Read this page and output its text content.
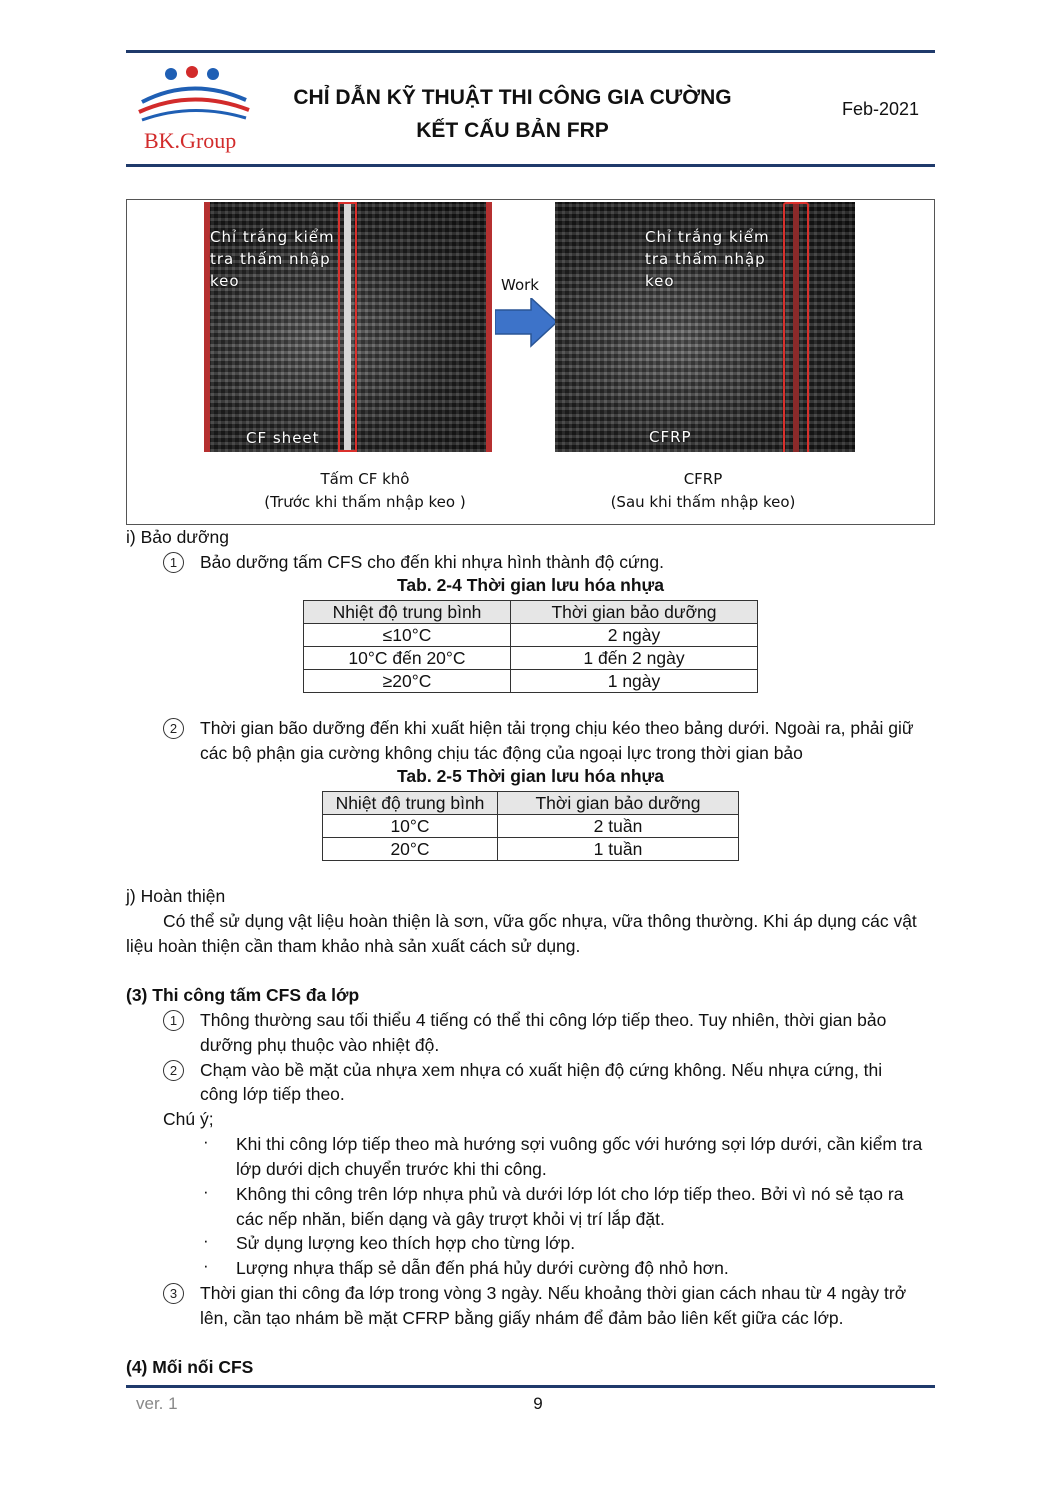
BK.Group
CHỈ DẪN KỸ THUẬT THI CÔNG GIA CƯỜNG
KẾT CẤU BẢN FRP
Feb-2021
Chỉ trắng kiểm
tra thấm nhập
keo
CF sheet
Work
Chỉ trắng kiểm
tra thấm nhập
keo
CFRP
Tấm CF khô
(Trước khi thấm nhập keo )
CFRP
(Sau khi thấm nhập keo)
i) Bảo dưỡng
1	Bảo dưỡng tấm CFS cho đến khi nhựa hình thành độ cứng.
Tab. 2-4 Thời gian lưu hóa nhựa
Nhiệt độ trung bình	Thời gian bảo dưỡng
≤10°C	2 ngày
10°C đến 20°C	1 đến 2 ngày
≥20°C	1 ngày
2	Thời gian bão dưỡng đến khi xuất hiện tải trọng chịu kéo theo bảng dưới. Ngoài ra, phải giữ
các bộ phận gia cường không chịu tác động của ngoại lực trong thời gian bảo
Tab. 2-5 Thời gian lưu hóa nhựa
Nhiệt độ trung bình	Thời gian bảo dưỡng
10°C	2 tuần
20°C	1 tuần
j) Hoàn thiện
Có thể sử dụng vật liệu hoàn thiện là sơn, vữa gốc nhựa, vữa thông thường. Khi áp dụng các vật
liệu hoàn thiện cần tham khảo nhà sản xuất cách sử dụng.
(3) Thi công tấm CFS đa lớp
1	Thông thường sau tối thiểu 4 tiếng có thể thi công lớp tiếp theo. Tuy nhiên, thời gian bảo
dưỡng phụ thuộc vào nhiệt độ.
2	Chạm vào bề mặt của nhựa xem nhựa có xuất hiện độ cứng không. Nếu nhựa cứng, thi
công lớp tiếp theo.
Chú ý;
· Khi thi công lớp tiếp theo mà hướng sợi vuông gốc với hướng sợi lớp dưới, cần kiểm tra
lớp dưới dịch chuyển trước khi thi công.
· Không thi công trên lớp nhựa phủ và dưới lớp lót cho lớp tiếp theo. Bởi vì nó sẻ tạo ra
các nếp nhăn, biến dạng và gây trượt khỏi vị trí lắp đặt.
· Sử dụng lượng keo thích hợp cho từng lớp.
· Lượng nhựa thấp sẻ dẫn đến phá hủy dưới cường độ nhỏ hơn.
3	Thời gian thi công đa lớp trong vòng 3 ngày. Nếu khoảng thời gian cách nhau từ 4 ngày trở
lên, cần tạo nhám bề mặt CFRP bằng giấy nhám để đảm bảo liên kết giữa các lớp.
(4) Mối nối CFS
ver. 1	9
